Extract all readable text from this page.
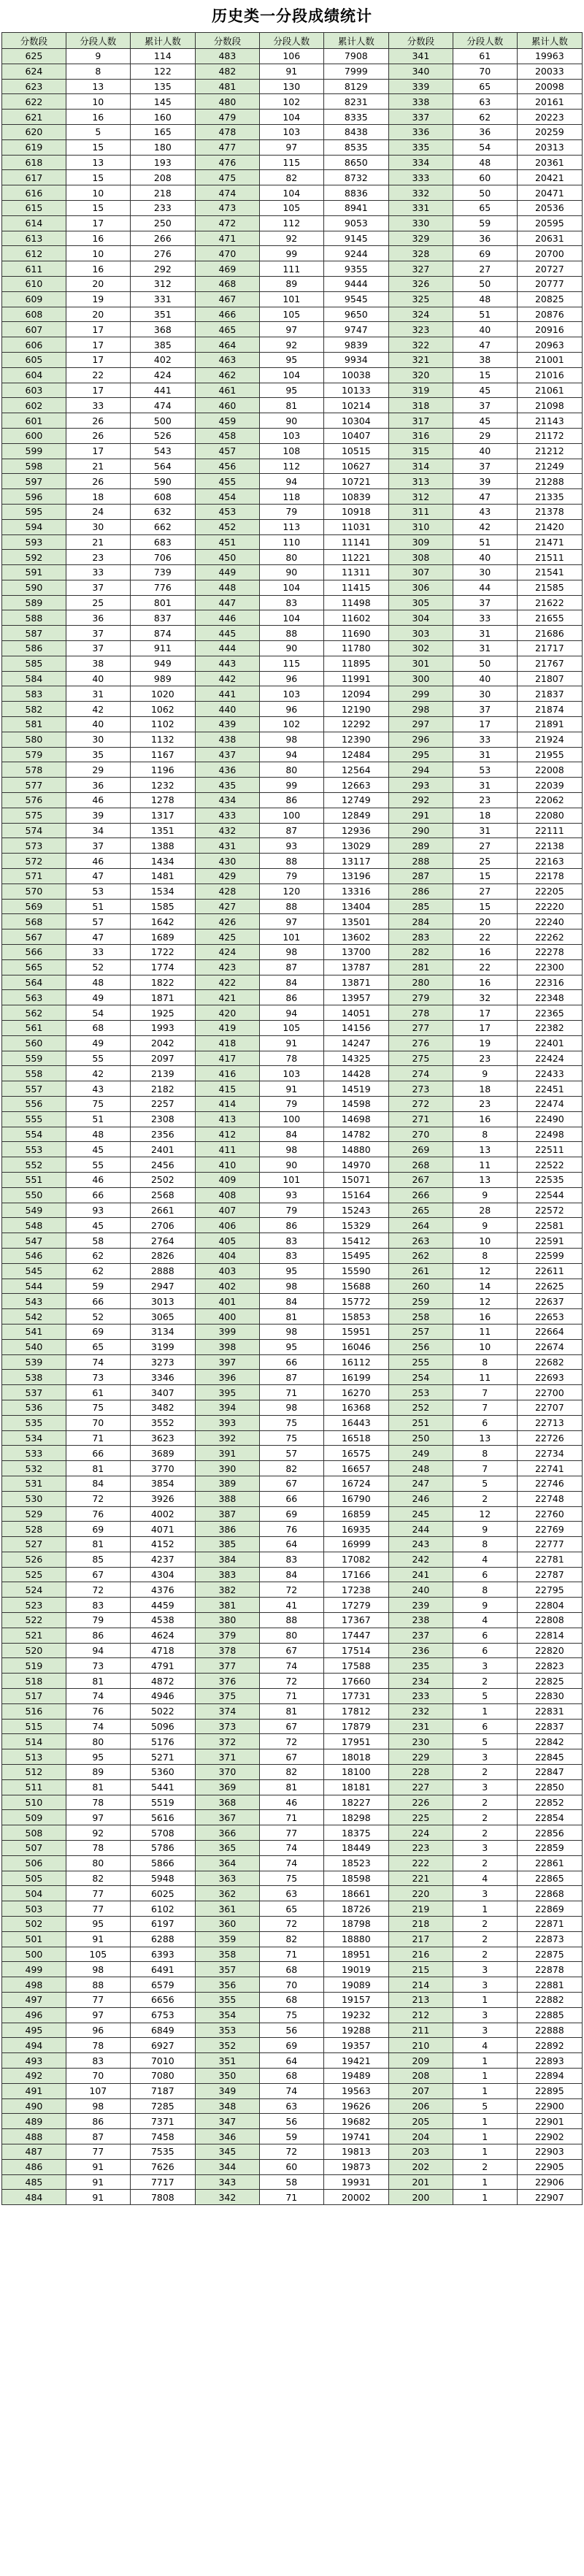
历史类一分段成绩统计
分数段	分段人数	累计人数	分数段	分段人数	累计人数	分数段	分段人数	累计人数
625	9	114	483	106	7908	341	61	19963
624	8	122	482	91	7999	340	70	20033
623	13	135	481	130	8129	339	65	20098
622	10	145	480	102	8231	338	63	20161
621	16	160	479	104	8335	337	62	20223
620	5	165	478	103	8438	336	36	20259
619	15	180	477	97	8535	335	54	20313
618	13	193	476	115	8650	334	48	20361
617	15	208	475	82	8732	333	60	20421
616	10	218	474	104	8836	332	50	20471
615	15	233	473	105	8941	331	65	20536
614	17	250	472	112	9053	330	59	20595
613	16	266	471	92	9145	329	36	20631
612	10	276	470	99	9244	328	69	20700
611	16	292	469	111	9355	327	27	20727
610	20	312	468	89	9444	326	50	20777
609	19	331	467	101	9545	325	48	20825
608	20	351	466	105	9650	324	51	20876
607	17	368	465	97	9747	323	40	20916
606	17	385	464	92	9839	322	47	20963
605	17	402	463	95	9934	321	38	21001
604	22	424	462	104	10038	320	15	21016
603	17	441	461	95	10133	319	45	21061
602	33	474	460	81	10214	318	37	21098
601	26	500	459	90	10304	317	45	21143
600	26	526	458	103	10407	316	29	21172
599	17	543	457	108	10515	315	40	21212
598	21	564	456	112	10627	314	37	21249
597	26	590	455	94	10721	313	39	21288
596	18	608	454	118	10839	312	47	21335
595	24	632	453	79	10918	311	43	21378
594	30	662	452	113	11031	310	42	21420
593	21	683	451	110	11141	309	51	21471
592	23	706	450	80	11221	308	40	21511
591	33	739	449	90	11311	307	30	21541
590	37	776	448	104	11415	306	44	21585
589	25	801	447	83	11498	305	37	21622
588	36	837	446	104	11602	304	33	21655
587	37	874	445	88	11690	303	31	21686
586	37	911	444	90	11780	302	31	21717
585	38	949	443	115	11895	301	50	21767
584	40	989	442	96	11991	300	40	21807
583	31	1020	441	103	12094	299	30	21837
582	42	1062	440	96	12190	298	37	21874
581	40	1102	439	102	12292	297	17	21891
580	30	1132	438	98	12390	296	33	21924
579	35	1167	437	94	12484	295	31	21955
578	29	1196	436	80	12564	294	53	22008
577	36	1232	435	99	12663	293	31	22039
576	46	1278	434	86	12749	292	23	22062
575	39	1317	433	100	12849	291	18	22080
574	34	1351	432	87	12936	290	31	22111
573	37	1388	431	93	13029	289	27	22138
572	46	1434	430	88	13117	288	25	22163
571	47	1481	429	79	13196	287	15	22178
570	53	1534	428	120	13316	286	27	22205
569	51	1585	427	88	13404	285	15	22220
568	57	1642	426	97	13501	284	20	22240
567	47	1689	425	101	13602	283	22	22262
566	33	1722	424	98	13700	282	16	22278
565	52	1774	423	87	13787	281	22	22300
564	48	1822	422	84	13871	280	16	22316
563	49	1871	421	86	13957	279	32	22348
562	54	1925	420	94	14051	278	17	22365
561	68	1993	419	105	14156	277	17	22382
560	49	2042	418	91	14247	276	19	22401
559	55	2097	417	78	14325	275	23	22424
558	42	2139	416	103	14428	274	9	22433
557	43	2182	415	91	14519	273	18	22451
556	75	2257	414	79	14598	272	23	22474
555	51	2308	413	100	14698	271	16	22490
554	48	2356	412	84	14782	270	8	22498
553	45	2401	411	98	14880	269	13	22511
552	55	2456	410	90	14970	268	11	22522
551	46	2502	409	101	15071	267	13	22535
550	66	2568	408	93	15164	266	9	22544
549	93	2661	407	79	15243	265	28	22572
548	45	2706	406	86	15329	264	9	22581
547	58	2764	405	83	15412	263	10	22591
546	62	2826	404	83	15495	262	8	22599
545	62	2888	403	95	15590	261	12	22611
544	59	2947	402	98	15688	260	14	22625
543	66	3013	401	84	15772	259	12	22637
542	52	3065	400	81	15853	258	16	22653
541	69	3134	399	98	15951	257	11	22664
540	65	3199	398	95	16046	256	10	22674
539	74	3273	397	66	16112	255	8	22682
538	73	3346	396	87	16199	254	11	22693
537	61	3407	395	71	16270	253	7	22700
536	75	3482	394	98	16368	252	7	22707
535	70	3552	393	75	16443	251	6	22713
534	71	3623	392	75	16518	250	13	22726
533	66	3689	391	57	16575	249	8	22734
532	81	3770	390	82	16657	248	7	22741
531	84	3854	389	67	16724	247	5	22746
530	72	3926	388	66	16790	246	2	22748
529	76	4002	387	69	16859	245	12	22760
528	69	4071	386	76	16935	244	9	22769
527	81	4152	385	64	16999	243	8	22777
526	85	4237	384	83	17082	242	4	22781
525	67	4304	383	84	17166	241	6	22787
524	72	4376	382	72	17238	240	8	22795
523	83	4459	381	41	17279	239	9	22804
522	79	4538	380	88	17367	238	4	22808
521	86	4624	379	80	17447	237	6	22814
520	94	4718	378	67	17514	236	6	22820
519	73	4791	377	74	17588	235	3	22823
518	81	4872	376	72	17660	234	2	22825
517	74	4946	375	71	17731	233	5	22830
516	76	5022	374	81	17812	232	1	22831
515	74	5096	373	67	17879	231	6	22837
514	80	5176	372	72	17951	230	5	22842
513	95	5271	371	67	18018	229	3	22845
512	89	5360	370	82	18100	228	2	22847
511	81	5441	369	81	18181	227	3	22850
510	78	5519	368	46	18227	226	2	22852
509	97	5616	367	71	18298	225	2	22854
508	92	5708	366	77	18375	224	2	22856
507	78	5786	365	74	18449	223	3	22859
506	80	5866	364	74	18523	222	2	22861
505	82	5948	363	75	18598	221	4	22865
504	77	6025	362	63	18661	220	3	22868
503	77	6102	361	65	18726	219	1	22869
502	95	6197	360	72	18798	218	2	22871
501	91	6288	359	82	18880	217	2	22873
500	105	6393	358	71	18951	216	2	22875
499	98	6491	357	68	19019	215	3	22878
498	88	6579	356	70	19089	214	3	22881
497	77	6656	355	68	19157	213	1	22882
496	97	6753	354	75	19232	212	3	22885
495	96	6849	353	56	19288	211	3	22888
494	78	6927	352	69	19357	210	4	22892
493	83	7010	351	64	19421	209	1	22893
492	70	7080	350	68	19489	208	1	22894
491	107	7187	349	74	19563	207	1	22895
490	98	7285	348	63	19626	206	5	22900
489	86	7371	347	56	19682	205	1	22901
488	87	7458	346	59	19741	204	1	22902
487	77	7535	345	72	19813	203	1	22903
486	91	7626	344	60	19873	202	2	22905
485	91	7717	343	58	19931	201	1	22906
484	91	7808	342	71	20002	200	1	22907
